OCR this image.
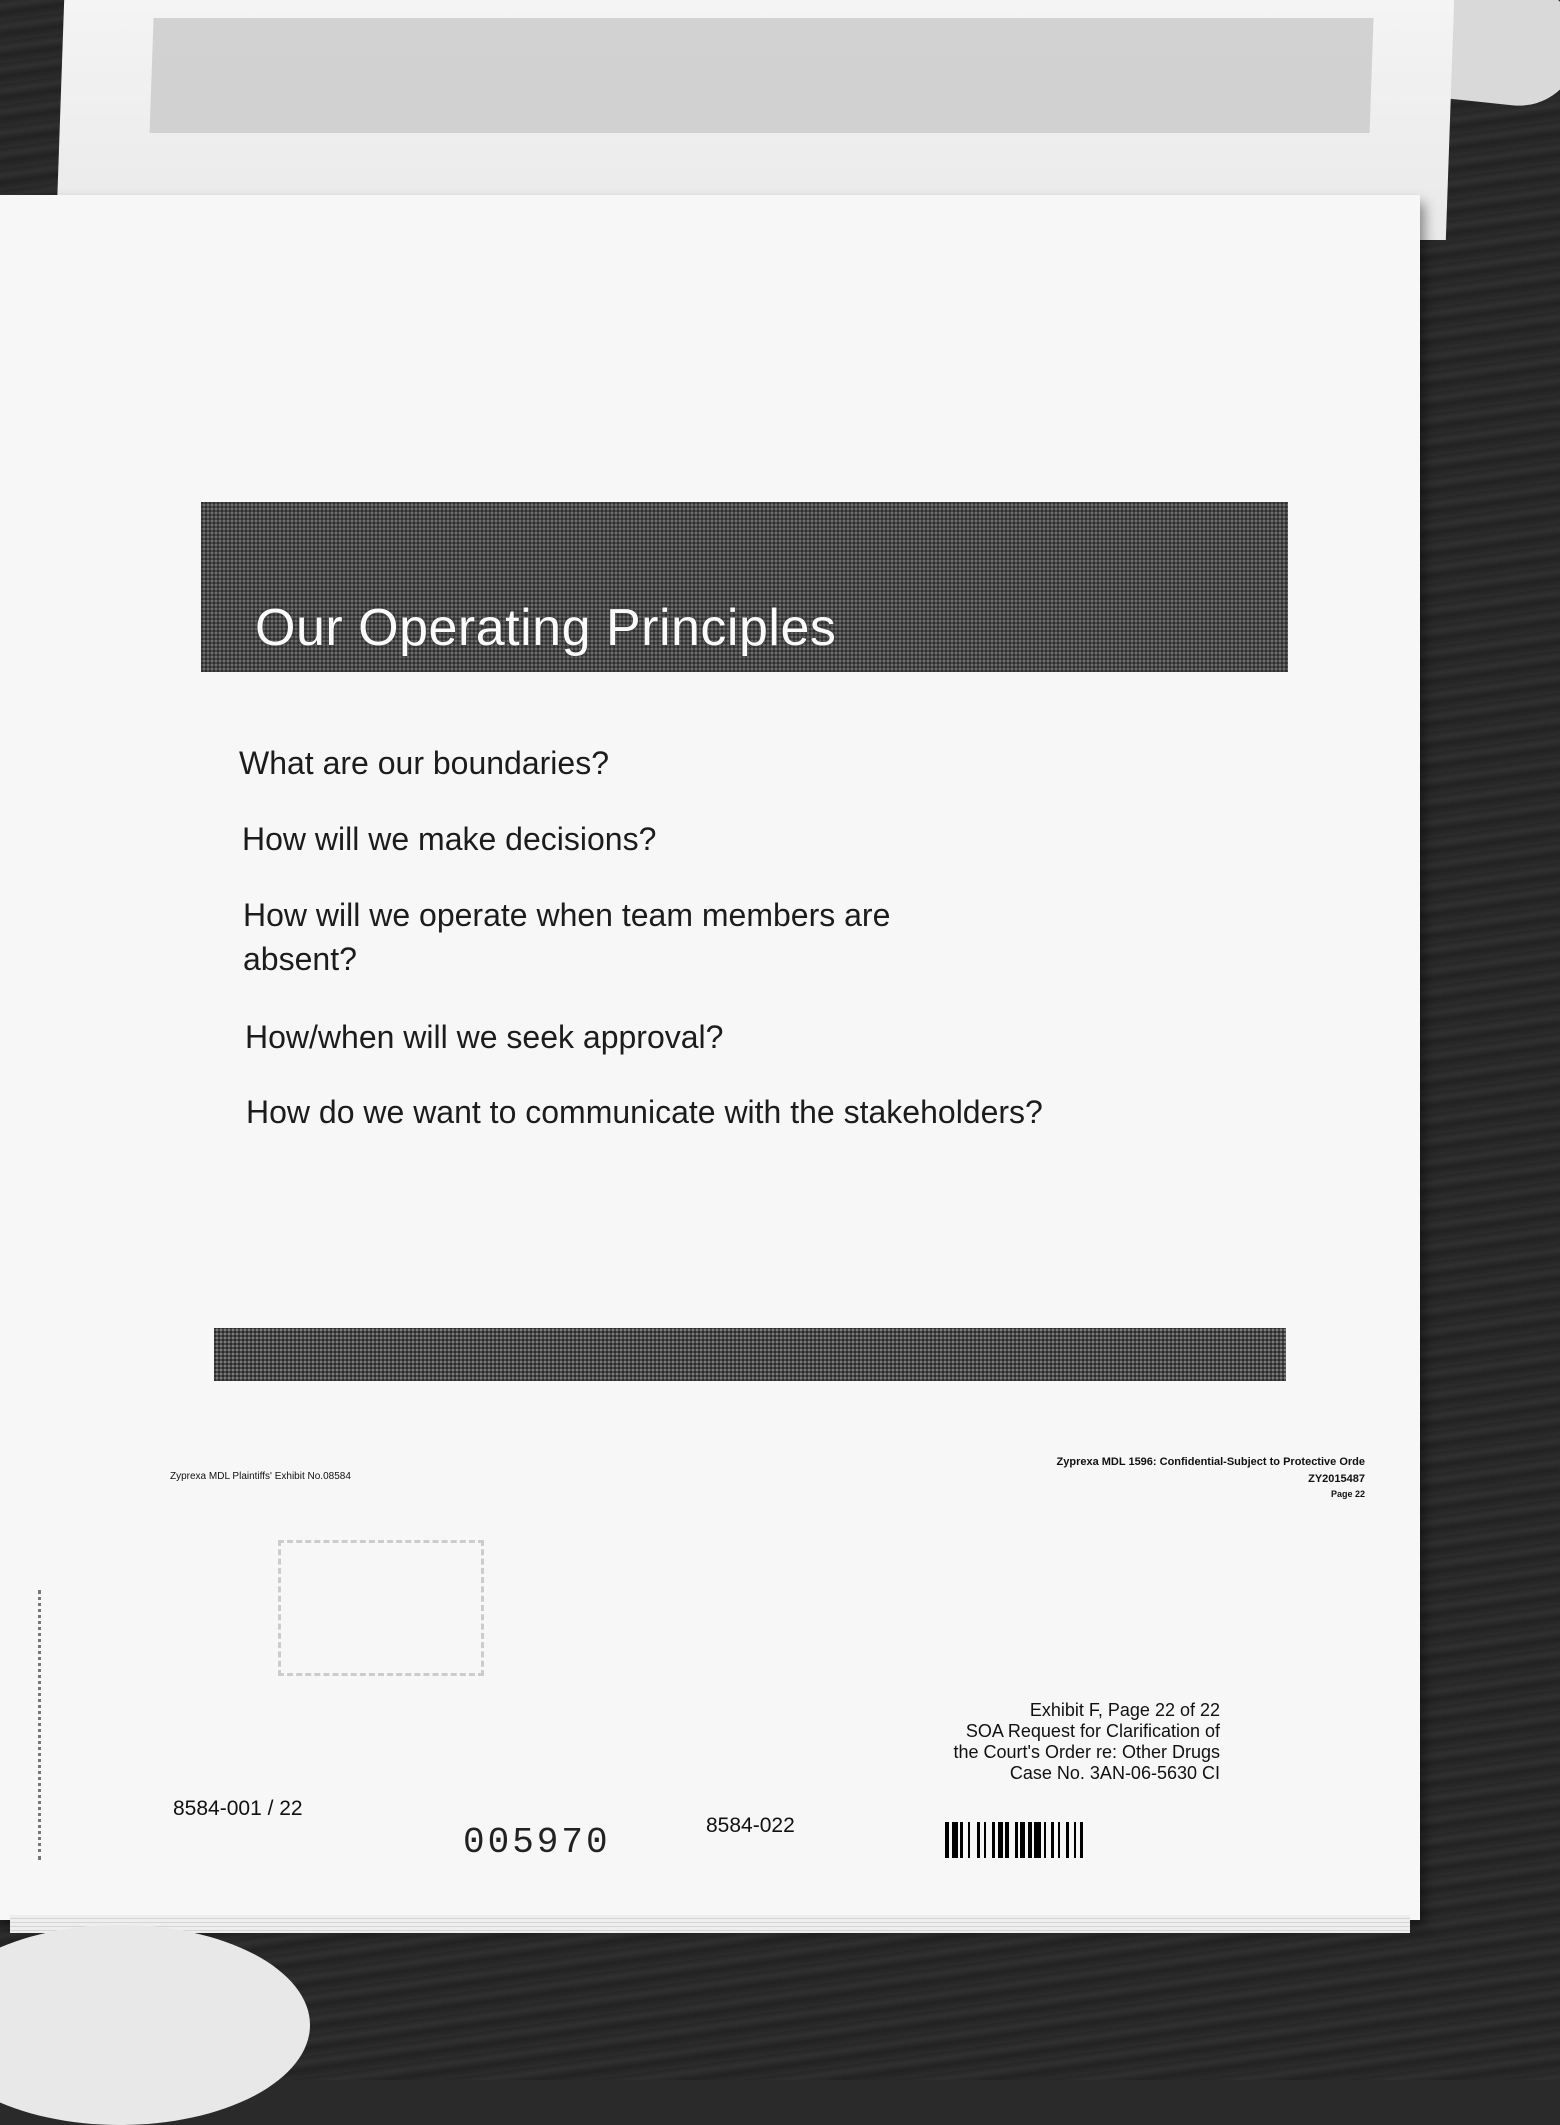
Our Operating Principles
What are our boundaries?
How will we make decisions?
How will we operate when team members are
absent?
How/when will we seek approval?
How do we want to communicate with the stakeholders?
Zyprexa MDL Plaintiffs' Exhibit No.08584
Zyprexa MDL 1596: Confidential-Subject to Protective Orde
ZY2015487
Page 22
Exhibit F, Page 22 of 22
SOA Request for Clarification of
the Court's Order re: Other Drugs
Case No. 3AN-06-5630 CI
8584-001 / 22
005970	8584-022
